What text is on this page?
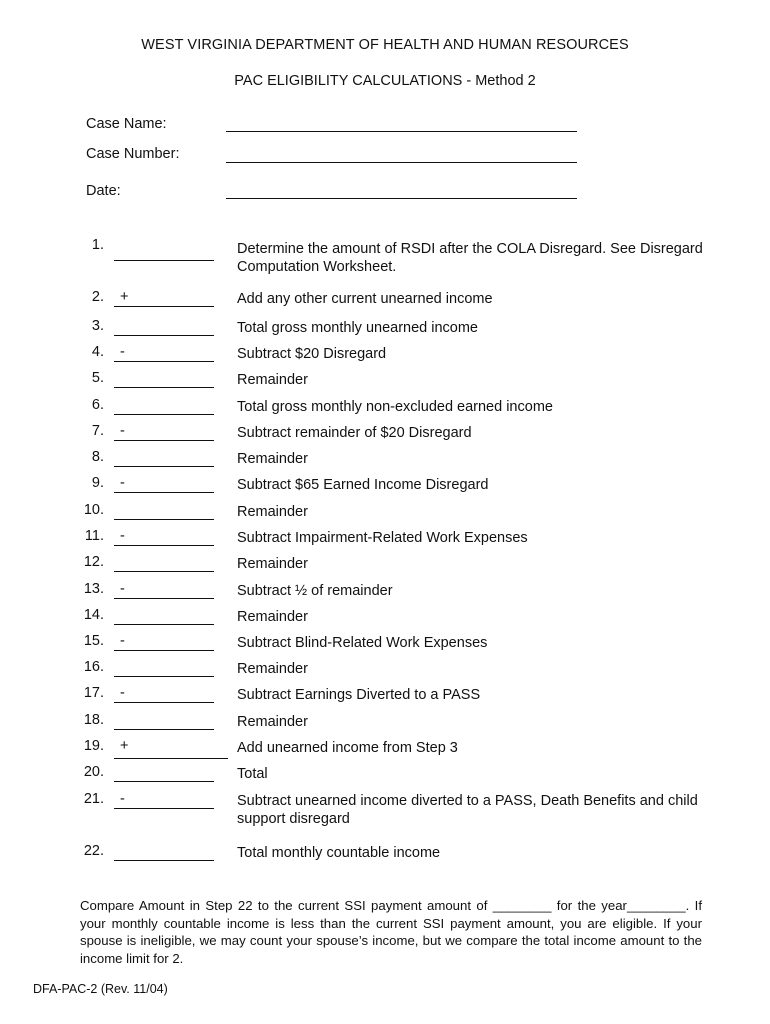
WEST VIRGINIA DEPARTMENT OF HEALTH AND HUMAN RESOURCES
PAC ELIGIBILITY CALCULATIONS - Method 2
Case Name:
Case Number:
Date:
1.	Determine the amount of RSDI after the COLA Disregard. See Disregard Computation Worksheet.
2. +	Add any other current unearned income
3.	Total gross monthly unearned income
4. -	Subtract $20 Disregard
5.	Remainder
6.	Total gross monthly non-excluded earned income
7. -	Subtract remainder of $20 Disregard
8.	Remainder
9. -	Subtract $65 Earned Income Disregard
10.	Remainder
11. -	Subtract Impairment-Related Work Expenses
12.	Remainder
13. -	Subtract ½ of remainder
14.	Remainder
15. -	Subtract Blind-Related Work Expenses
16.	Remainder
17. -	Subtract Earnings Diverted to a PASS
18.	Remainder
19. +	Add unearned income from Step 3
20.	Total
21. -	Subtract unearned income diverted to a PASS, Death Benefits and child support disregard
22.	Total monthly countable income

Compare Amount in Step 22 to the current SSI payment amount of ________ for the year________. If your monthly countable income is less than the current SSI payment amount, you are eligible. If your spouse is ineligible, we may count your spouse’s income, but we compare the total income amount to the income limit for 2.

DFA-PAC-2 (Rev. 11/04)
